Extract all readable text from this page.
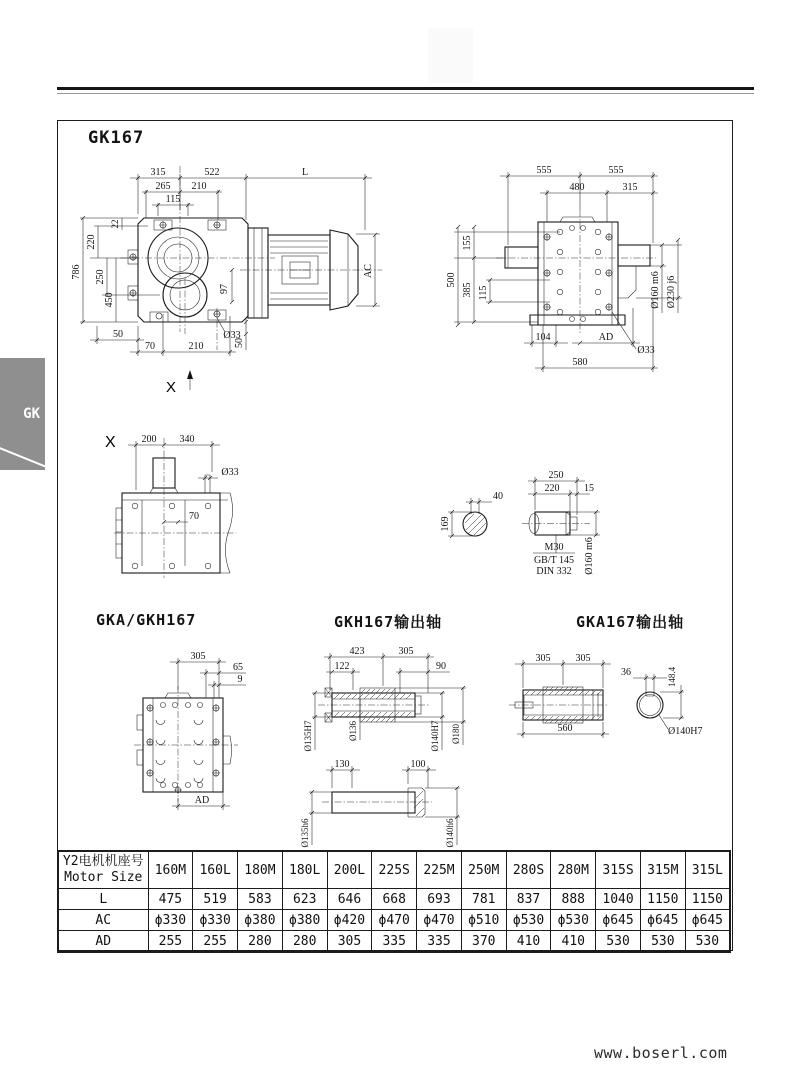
GK
GK167
GKA/GKH167	GKH167输出轴	GKA167输出轴
315	522	L
265 210
115
786
220
250
450
22
97
AC
50
70	210
Ø33
50
X
555	555
480	315
155
385
500
115
104	AD
580
Ø33
Ø160 m6 Ø230 j6
X	200 340
Ø33
70
40
169
250
220 15
M30
GB/T 145
DIN 332 Ø160 m6
305
65
9
AD
423	305
122	90
Ø135H7	Ø136	Ø140H7 Ø180
130	100
Ø135h6	Ø140h6
305	305
560
36	148.4
Ø140H7
Y2电机机座号
Motor Size	160M	160L	180M	180L	200L	225S	225M	250M	280S	280M	315S	315M	315L
L	475	519	583	623	646	668	693	781	837	888	1040	1150	1150
AC	ϕ330	ϕ330	ϕ380	ϕ380	ϕ420	ϕ470	ϕ470	ϕ510	ϕ530	ϕ530	ϕ645	ϕ645	ϕ645
AD	255	255	280	280	305	335	335	370	410	410	530	530	530
www.boserl.com
